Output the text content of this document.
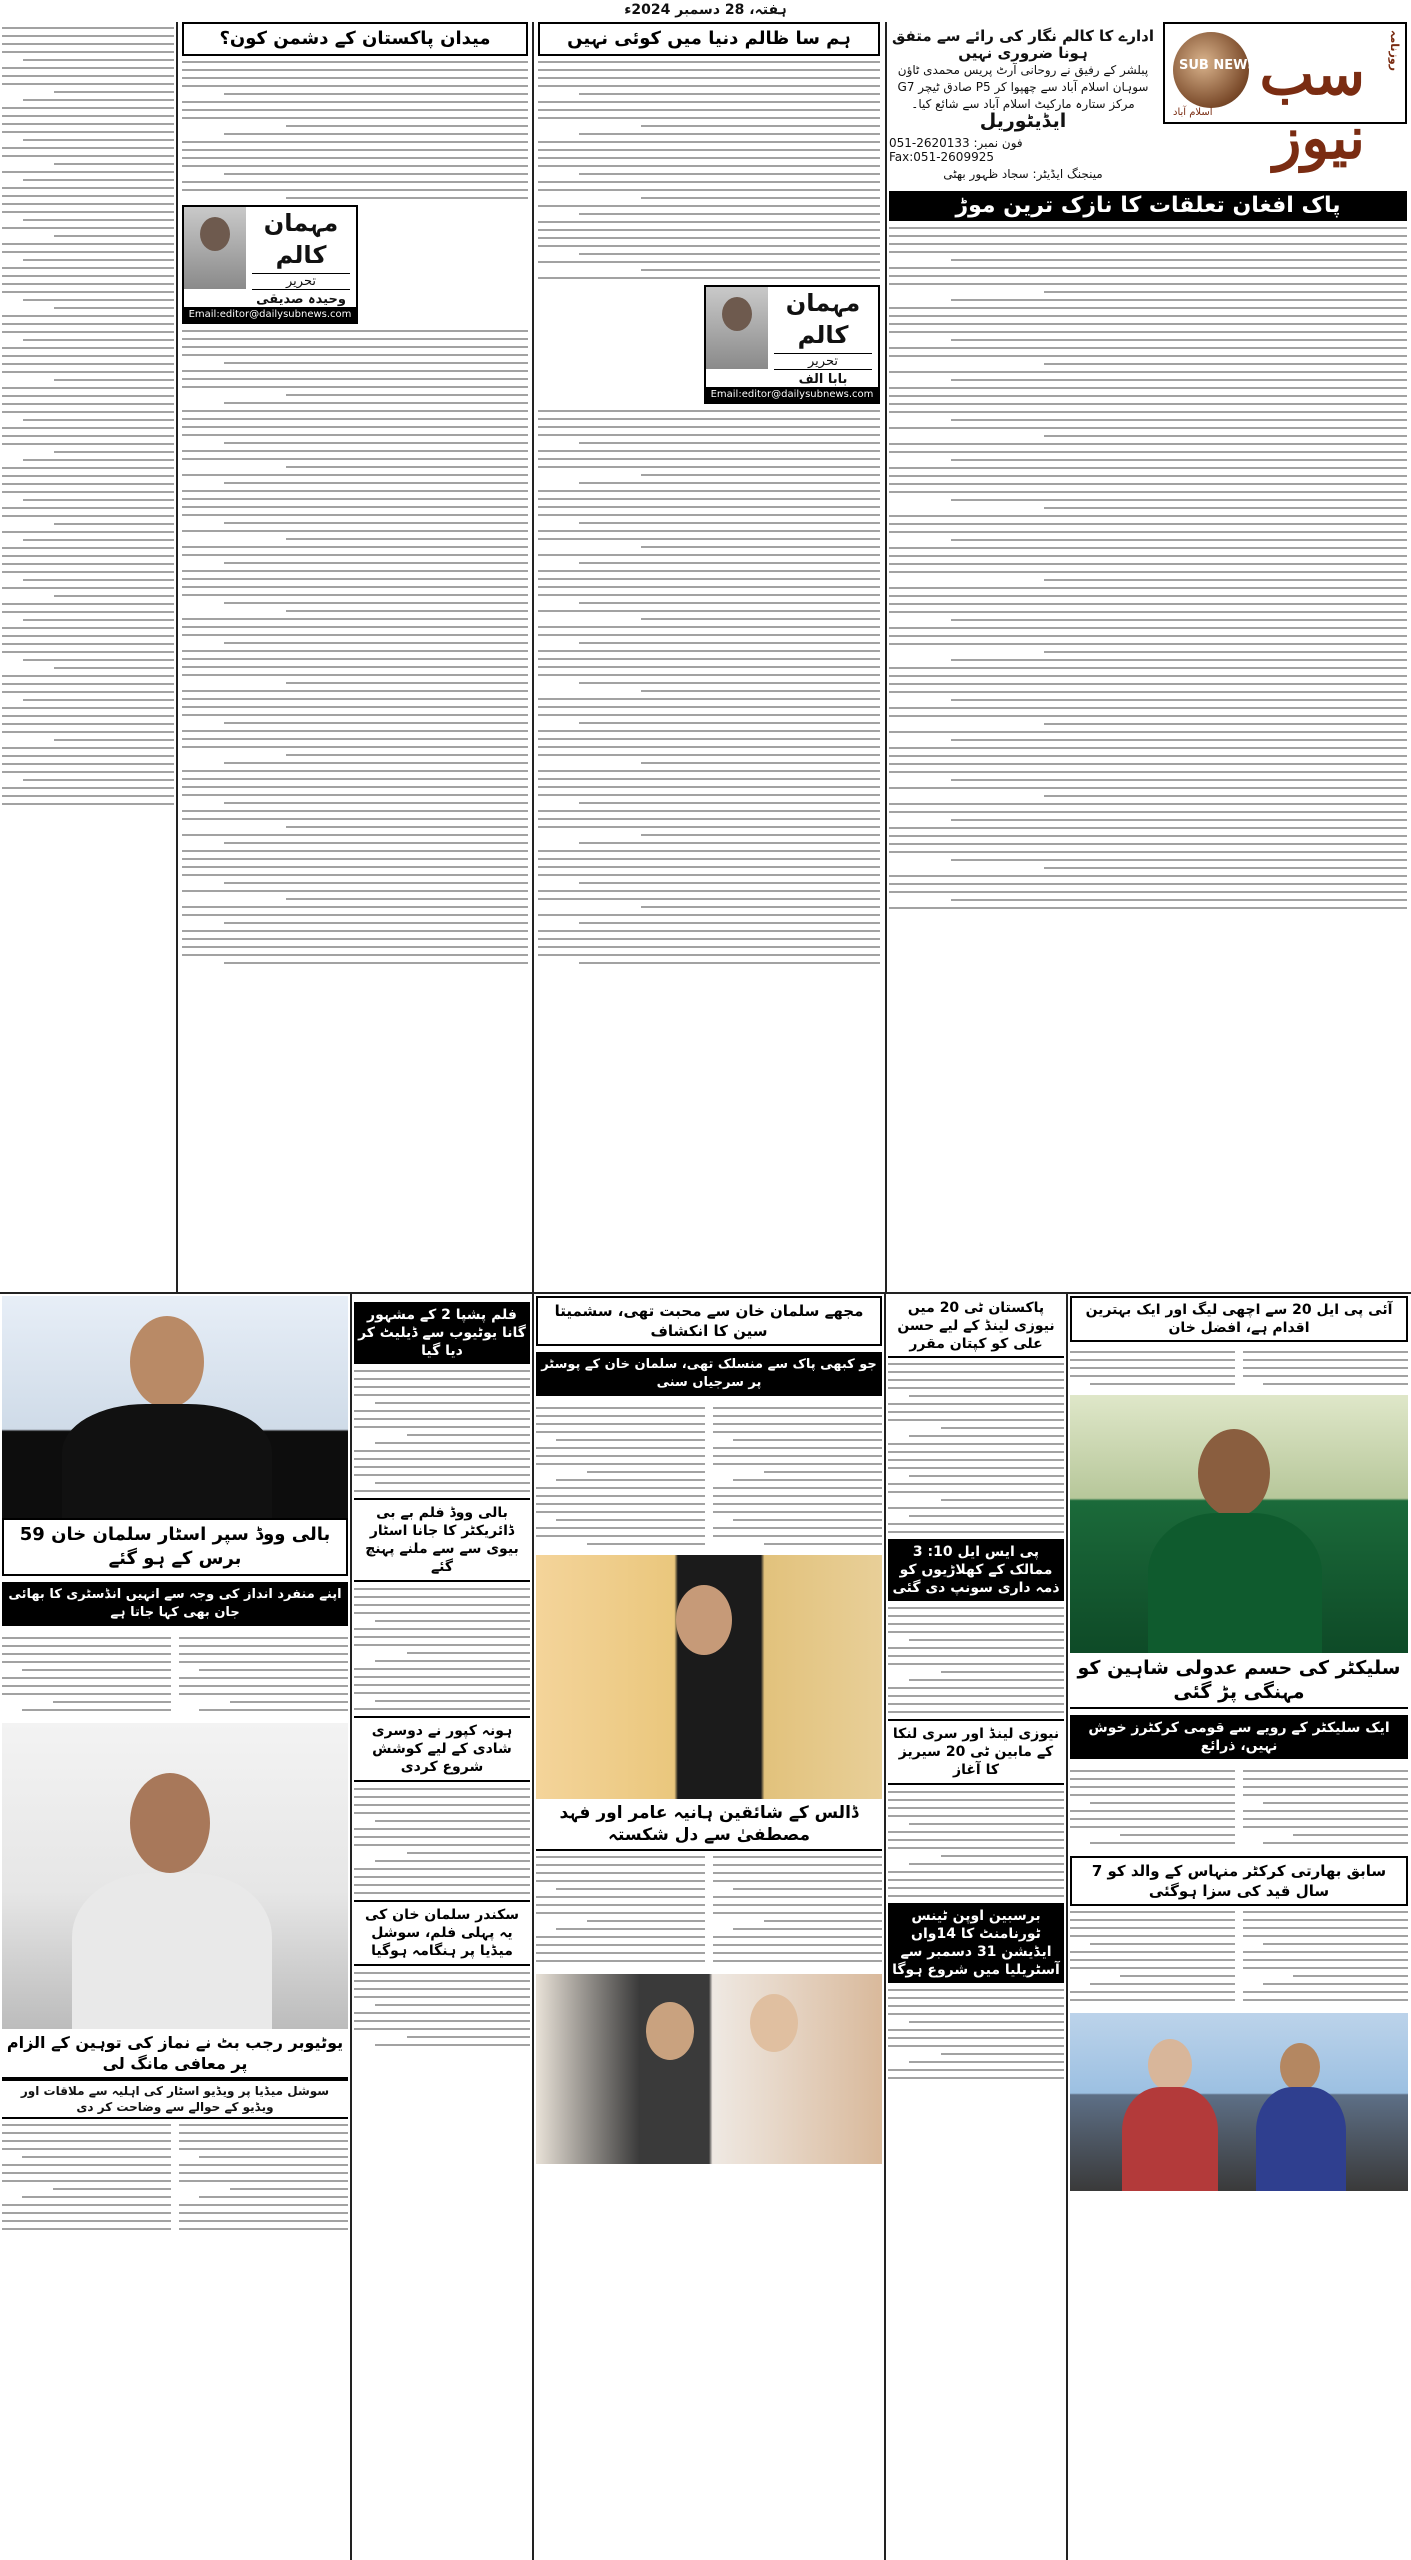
ہفتہ، 28 دسمبر 2024ء
SUB NEWS سب نیوز
روزنامہ
اسلام آباد
ادارے کا کالم نگار کی رائے سے متفق ہونا ضروری نہیں
پبلشر کے رفیق نے روحانی آرٹ پریس محمدی ٹاؤن سوہان اسلام آباد سے چھپوا کر P5 صادق ٹیچر G7 مرکز ستارہ مارکیٹ اسلام آباد سے شائع کیا۔
ایڈیٹوریل
051-2620133 :فون نمبر
Fax:051-2609925
مینجنگ ایڈیٹر: سجاد ظہور بھٹی
پاک افغان تعلقات کا نازک ترین موڑ
ہم سا ظالم دنیا میں کوئی نہیں
مہمان کالم
تحریر
بابا الف
Email:editor@dailysubnews.com
میدان پاکستان کے دشمن کون؟
مہمان کالم
تحریر
وحیدہ صدیقی
Email:editor@dailysubnews.com
آئی پی ایل 20 سے اچھی لیگ اور ایک بہترین اقدام ہے، افضل خان
سلیکٹر کی حسم عدولی شاہین کو مہنگی پڑ گئی
ایک سلیکٹر کے رویے سے قومی کرکٹرز خوش نہیں، ذرائع
سابق بھارتی کرکٹر منہاس کے والد کو 7 سال قید کی سزا ہوگئی
پاکستان ٹی 20 میں نیوزی لینڈ کے لیے حسن علی کو کپتان مقرر
پی ایس ایل 10: 3 ممالک کے کھلاڑیوں کو ذمہ داری سونپ دی گئی
نیوزی لینڈ اور سری لنکا کے مابین ٹی 20 سیریز کا آغاز
برسبین اوپن ٹینس ٹورنامنٹ کا 14واں ایڈیشن 31 دسمبر سے آسٹریلیا میں شروع ہوگا
مجھے سلمان خان سے محبت تھی، سشمیتا سین کا انکشاف
جو کبھی پاک سے منسلک تھی، سلمان خان کے پوسٹر پر سرجیاں سنی
ڈالس کے شائقین ہانیہ عامر اور فہد مصطفیٰ سے دل شکستہ
فلم پشپا 2 کے مشہور گانا یوٹیوب سے ڈیلیٹ کر دیا گیا
بالی ووڈ فلم بے بی ڈائریکٹر کا جانا اسٹار بیوی سے سے ملنے پہنچ گئے
ہونہ کپور نے دوسری شادی کے لیے کوشش شروع کردی
سکندر سلمان خان کی یہ پہلی فلم، سوشل میڈیا پر ہنگامہ ہوگیا
بالی ووڈ سپر اسٹار سلمان خان 59 برس کے ہو گئے
اپنے منفرد انداز کی وجہ سے انہیں انڈسٹری کا بھائی جان بھی کہا جاتا ہے
یوٹیوبر رجب بٹ نے نماز کی توہین کے الزام پر معافی مانگ لی
سوشل میڈیا پر ویڈیو اسٹار کی اہلیہ سے ملاقات اور ویڈیو کے حوالے سے وضاحت کر دی
